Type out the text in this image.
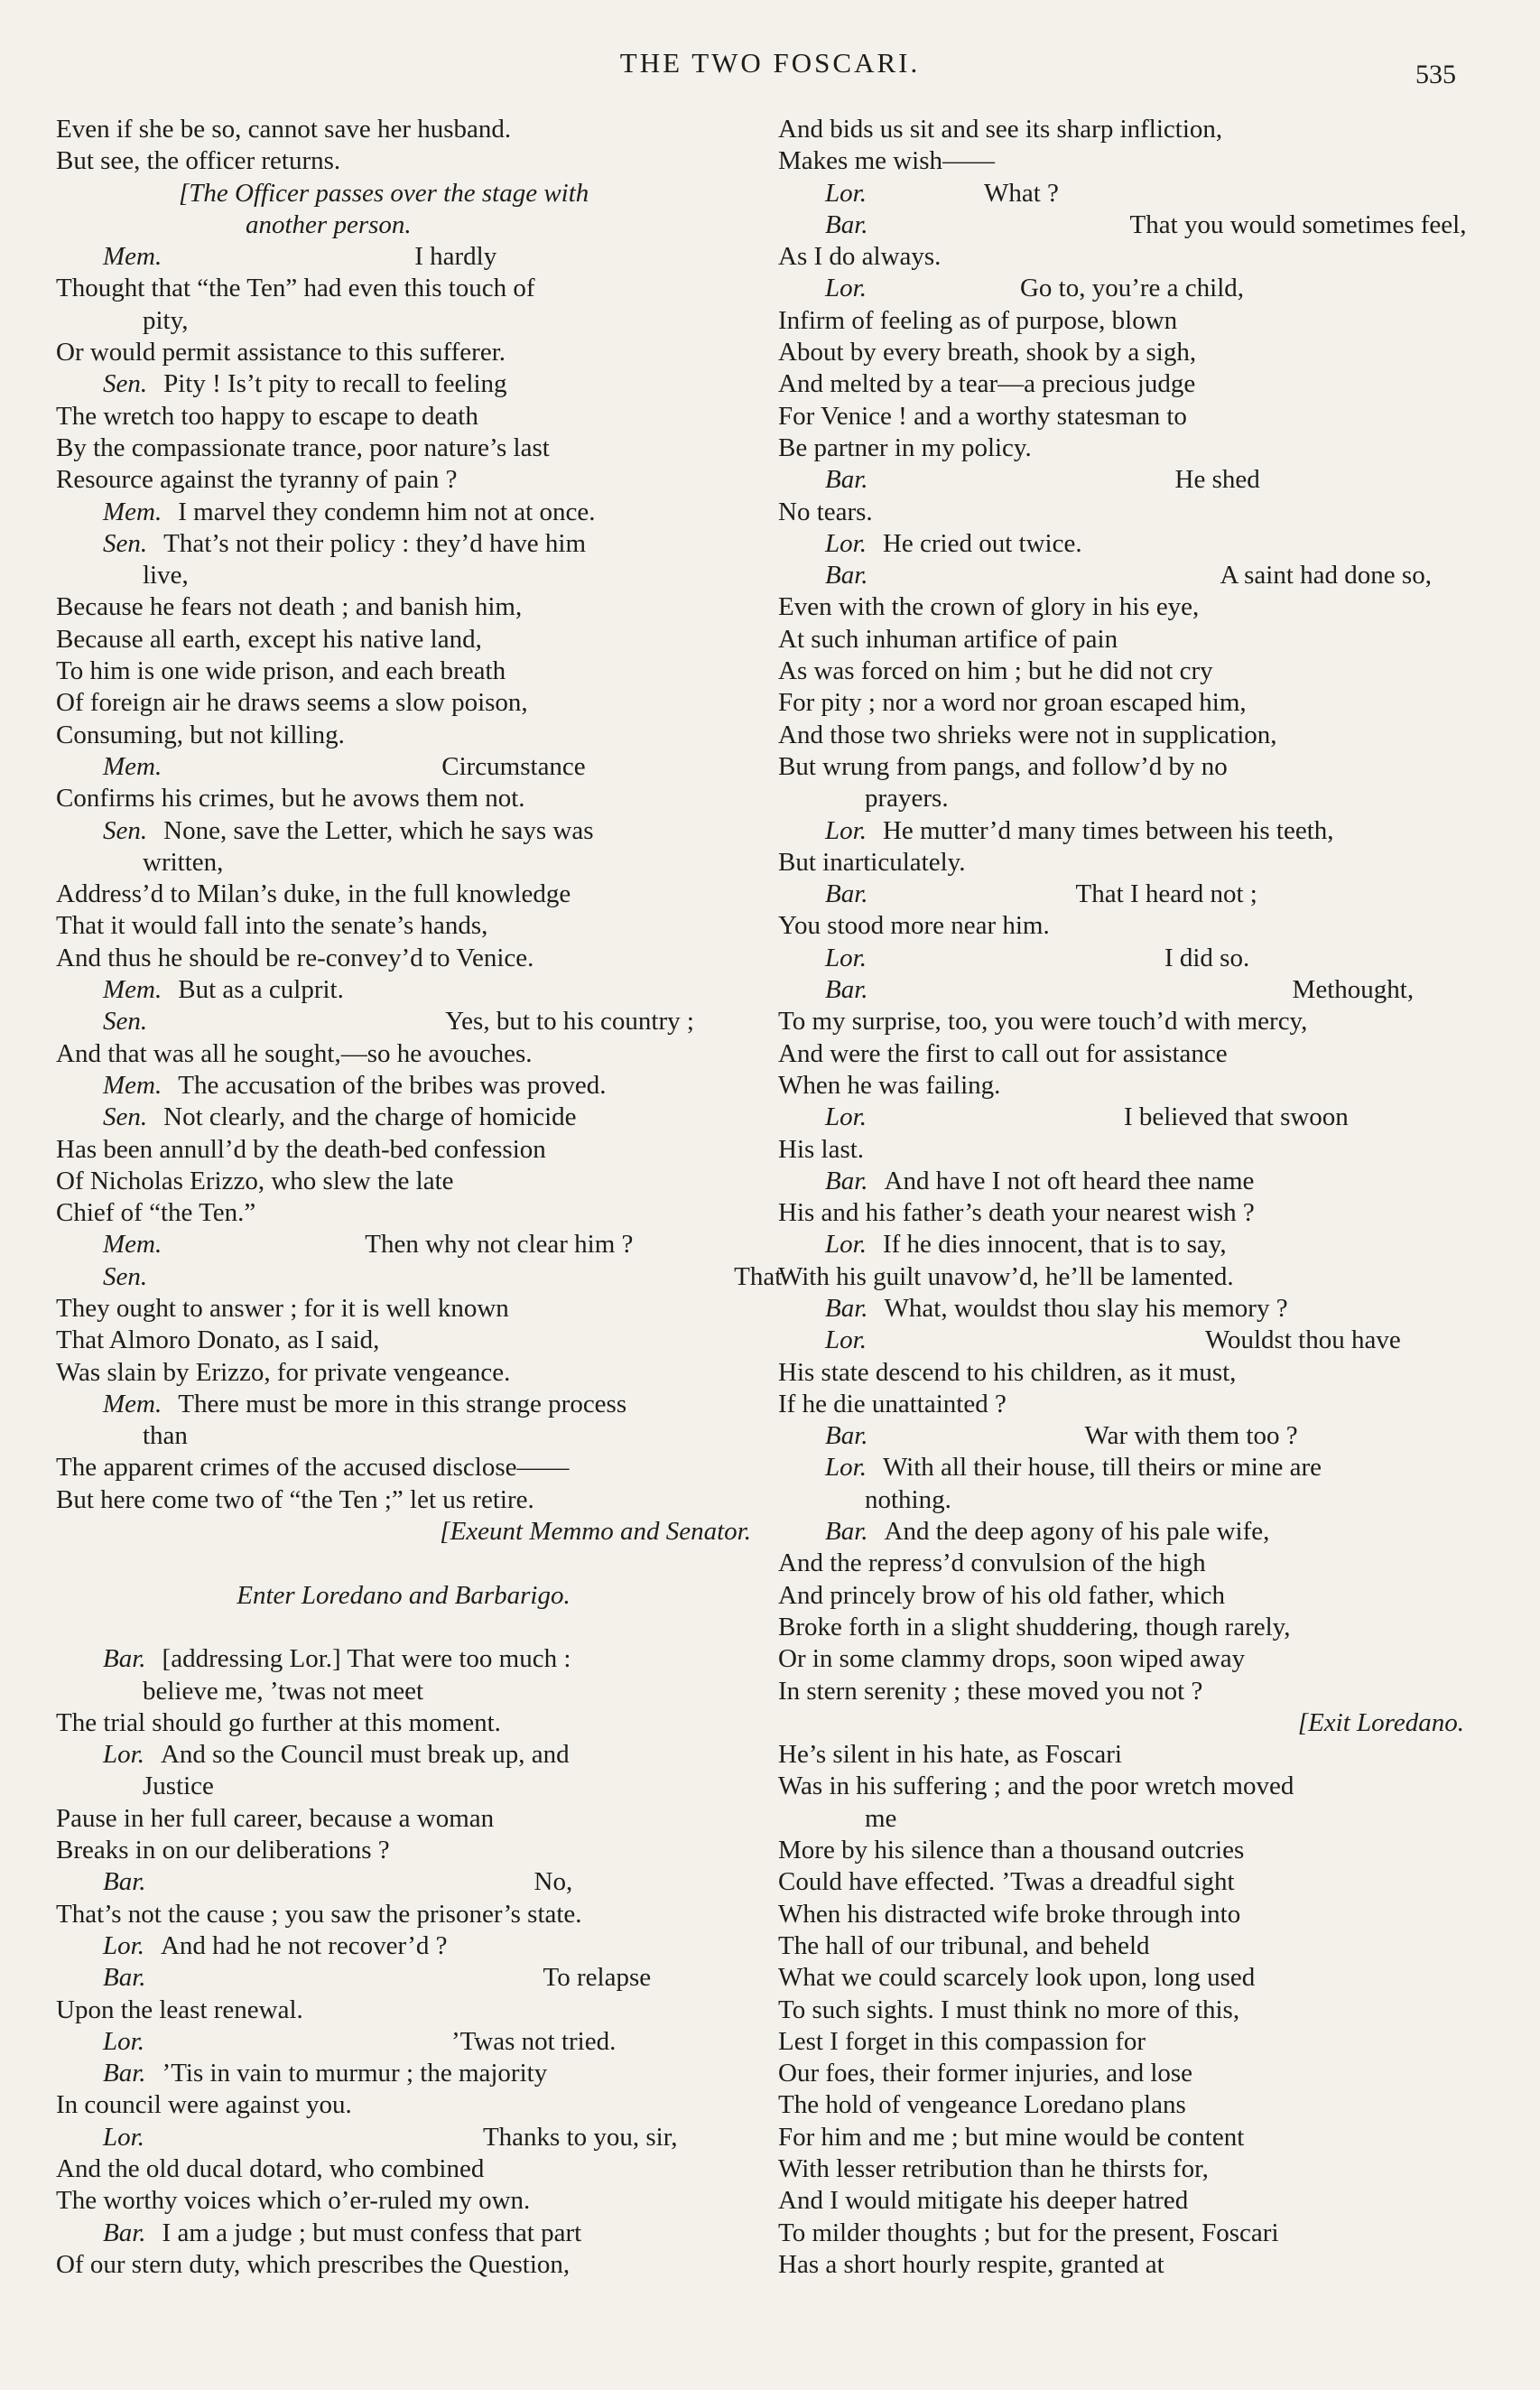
THE TWO FOSCARI.	535
Even if she be so, cannot save her husband.
But see, the officer returns.
[The Officer passes over the stage with
another person.
Mem.	I hardly
Thought that “the Ten” had even this touch of
pity,
Or would permit assistance to this sufferer.
Sen. Pity ! Is’t pity to recall to feeling
The wretch too happy to escape to death
By the compassionate trance, poor nature’s last
Resource against the tyranny of pain ?
Mem. I marvel they condemn him not at once.
Sen. That’s not their policy : they’d have him
live,
Because he fears not death ; and banish him,
Because all earth, except his native land,
To him is one wide prison, and each breath
Of foreign air he draws seems a slow poison,
Consuming, but not killing.
Mem.	Circumstance
Confirms his crimes, but he avows them not.
Sen. None, save the Letter, which he says was
written,
Address’d to Milan’s duke, in the full knowledge
That it would fall into the senate’s hands,
And thus he should be re-convey’d to Venice.
Mem. But as a culprit.
Sen.	Yes, but to his country ;
And that was all he sought,—so he avouches.
Mem. The accusation of the bribes was proved.
Sen. Not clearly, and the charge of homicide
Has been annull’d by the death-bed confession
Of Nicholas Erizzo, who slew the late
Chief of “the Ten.”
Mem.	Then why not clear him ?
Sen.	That
They ought to answer ; for it is well known
That Almoro Donato, as I said,
Was slain by Erizzo, for private vengeance.
Mem. There must be more in this strange process
than
The apparent crimes of the accused disclose——
But here come two of “the Ten ;” let us retire.
[Exeunt Memmo and Senator.
Enter Loredano and Barbarigo.
Bar. [addressing Lor.] That were too much :
believe me, ’twas not meet
The trial should go further at this moment.
Lor. And so the Council must break up, and
Justice
Pause in her full career, because a woman
Breaks in on our deliberations ?
Bar.	No,
That’s not the cause ; you saw the prisoner’s state.
Lor. And had he not recover’d ?
Bar.	To relapse
Upon the least renewal.
Lor.	’Twas not tried.
Bar. ’Tis in vain to murmur ; the majority
In council were against you.
Lor.	Thanks to you, sir,
And the old ducal dotard, who combined
The worthy voices which o’er-ruled my own.
Bar. I am a judge ; but must confess that part
Of our stern duty, which prescribes the Question,
And bids us sit and see its sharp infliction,
Makes me wish——
Lor.	What ?
Bar.	That you would sometimes feel,
As I do always.
Lor.	Go to, you’re a child,
Infirm of feeling as of purpose, blown
About by every breath, shook by a sigh,
And melted by a tear—a precious judge
For Venice ! and a worthy statesman to
Be partner in my policy.
Bar.	He shed
No tears.
Lor. He cried out twice.
Bar.	A saint had done so,
Even with the crown of glory in his eye,
At such inhuman artifice of pain
As was forced on him ; but he did not cry
For pity ; nor a word nor groan escaped him,
And those two shrieks were not in supplication,
But wrung from pangs, and follow’d by no
prayers.
Lor. He mutter’d many times between his teeth,
But inarticulately.
Bar.	That I heard not ;
You stood more near him.
Lor.	I did so.
Bar.	Methought,
To my surprise, too, you were touch’d with mercy,
And were the first to call out for assistance
When he was failing.
Lor.	I believed that swoon
His last.
Bar. And have I not oft heard thee name
His and his father’s death your nearest wish ?
Lor. If he dies innocent, that is to say,
With his guilt unavow’d, he’ll be lamented.
Bar. What, wouldst thou slay his memory ?
Lor.	Wouldst thou have
His state descend to his children, as it must,
If he die unattainted ?
Bar.	War with them too ?
Lor. With all their house, till theirs or mine are
nothing.
Bar. And the deep agony of his pale wife,
And the repress’d convulsion of the high
And princely brow of his old father, which
Broke forth in a slight shuddering, though rarely,
Or in some clammy drops, soon wiped away
In stern serenity ; these moved you not ?
[Exit Loredano.
He’s silent in his hate, as Foscari
Was in his suffering ; and the poor wretch moved
me
More by his silence than a thousand outcries
Could have effected. ’Twas a dreadful sight
When his distracted wife broke through into
The hall of our tribunal, and beheld
What we could scarcely look upon, long used
To such sights. I must think no more of this,
Lest I forget in this compassion for
Our foes, their former injuries, and lose
The hold of vengeance Loredano plans
For him and me ; but mine would be content
With lesser retribution than he thirsts for,
And I would mitigate his deeper hatred
To milder thoughts ; but for the present, Foscari
Has a short hourly respite, granted at
